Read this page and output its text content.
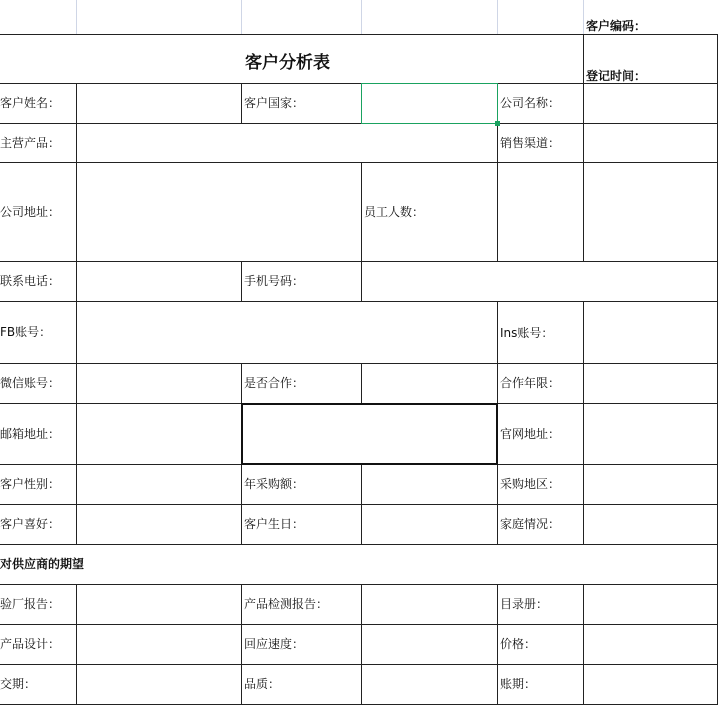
客户分析表
客户编码：
登记时间：
客户姓名：	客户国家：	公司名称：
主营产品：	销售渠道：
公司地址：	员工人数：
联系电话：	手机号码：
FB账号：	Ins账号：
微信账号：	是否合作：	合作年限：
邮箱地址：	官网地址：
客户性别：	年采购额：	采购地区：
客户喜好：	客户生日：	家庭情况：
对供应商的期望
验厂报告：	产品检测报告：	目录册：
产品设计：	回应速度：	价格：
交期：	品质：	账期：
